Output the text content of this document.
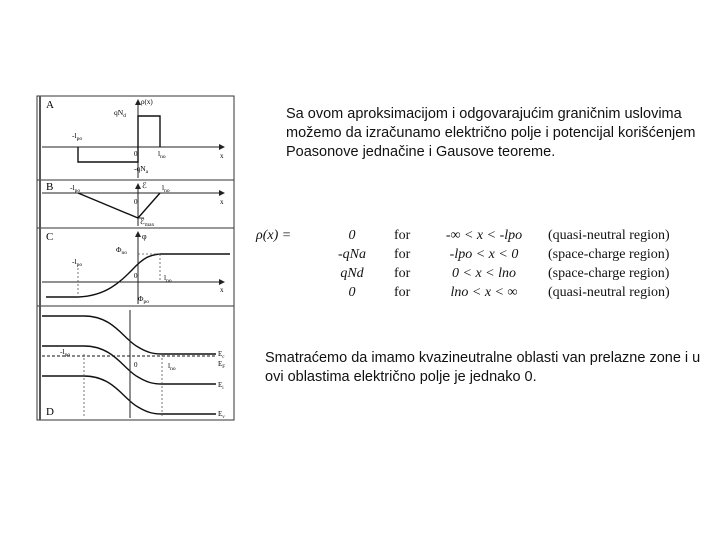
A	ρ(x)
$qN_d$
$-l_{po}$
0	$l_{no}$
$-qN_a$
x
B $-l_{po}$
ℰ $l_{no}$
0
ℰ$_{max}$
x
C	φ
$\Phi_{no}$
$-l_{po}$
0	$l_{no}$
$\Phi_{po}$
x
D
$-l_{po}$
0	$l_{no}$
$E_c$
$E_F$
$E_i$
$E_v$
Sa ovom aproksimacijom i odgovarajućim graničnim uslovima možemo da izračunamo električno polje i potencijal korišćenjem Poasonove jednačine i Gausove teoreme.
ρ(x) =	0	for	-∞ < x < -lpo	(quasi-neutral region)
-qNa	for	-lpo < x < 0	(space-charge region)
qNd	for	0 < x < lno	(space-charge region)
0	for	lno < x < ∞	(quasi-neutral region)
Smatraćemo da imamo kvazineutralne oblasti van prelazne zone i u ovi oblastima električno polje je jednako 0.
